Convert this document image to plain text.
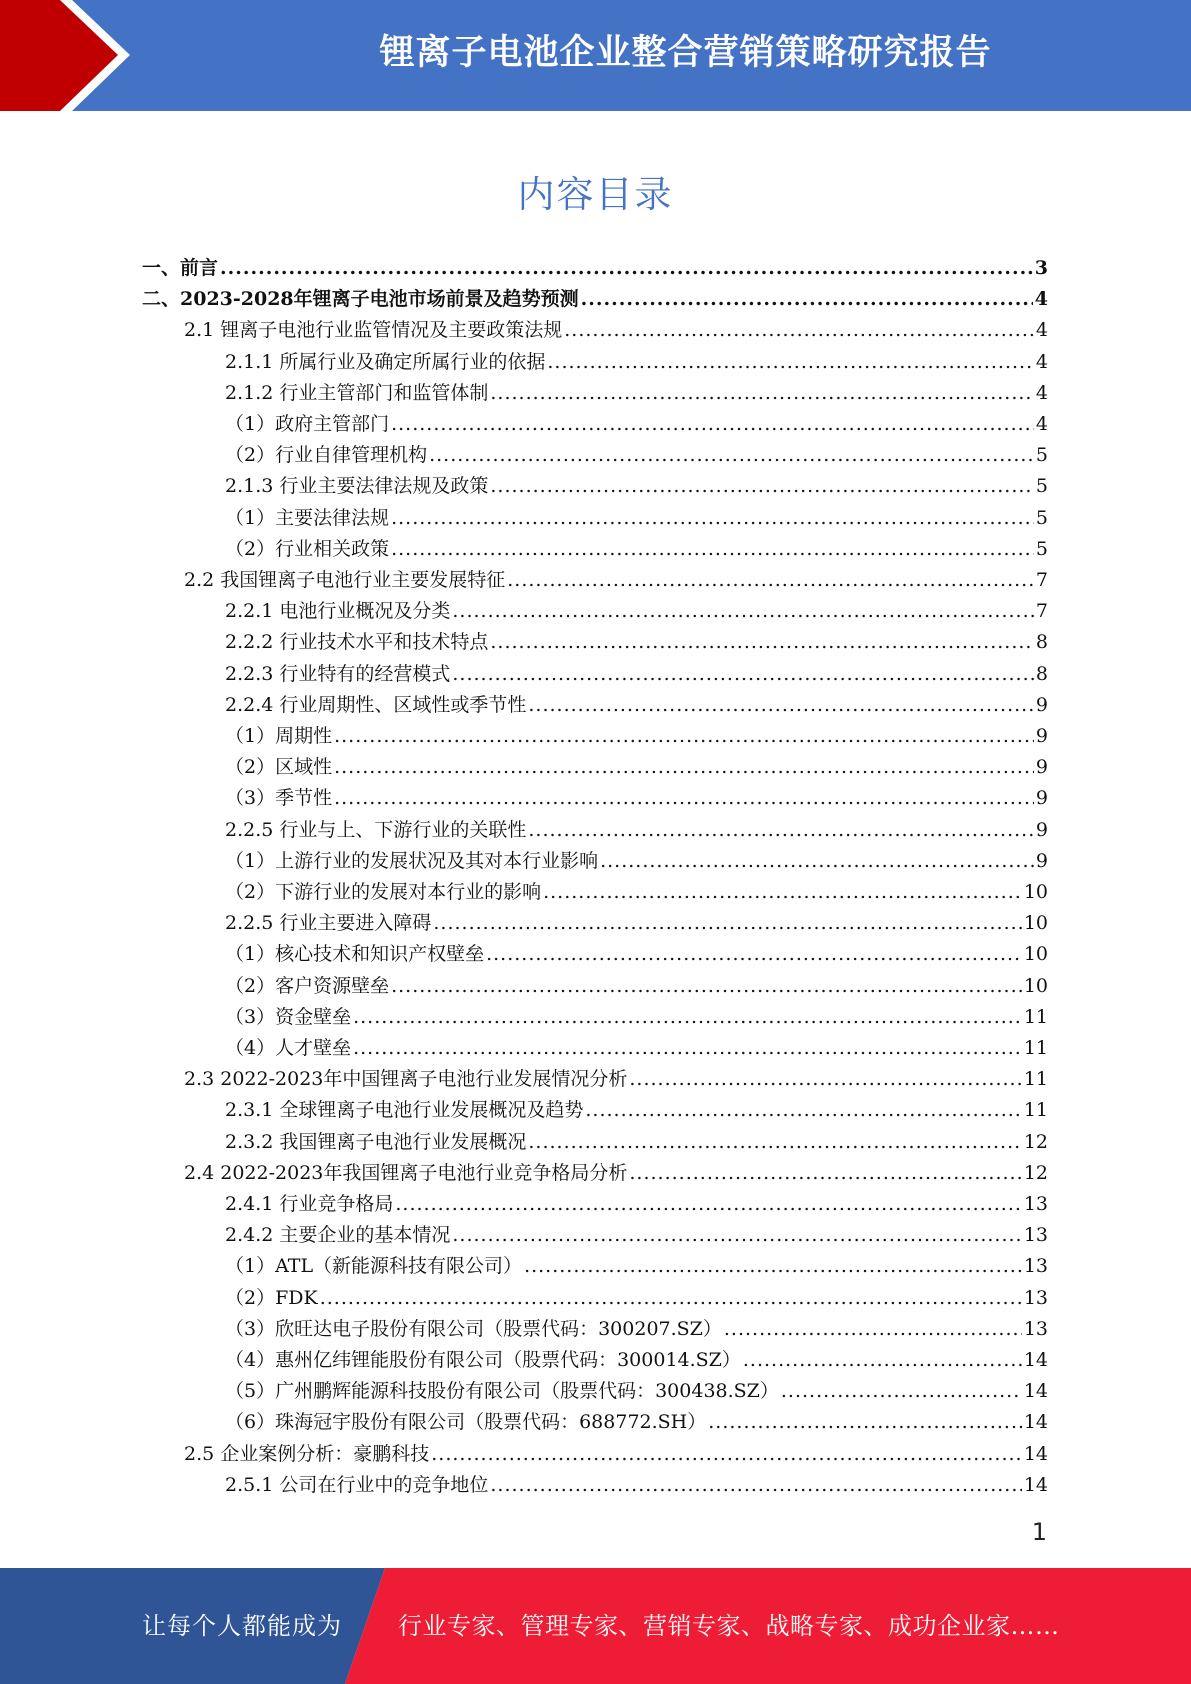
锂离子电池企业整合营销策略研究报告
内容目录
一、前言 .....	3
二、2023-2028年锂离子电池市场前景及趋势预测 .....	4
2.1 锂离子电池行业监管情况及主要政策法规 .....	4
2.1.1 所属行业及确定所属行业的依据 .....	4
2.1.2 行业主管部门和监管体制 .....	4
（1）政府主管部门 .....	4
（2）行业自律管理机构 .....	5
2.1.3 行业主要法律法规及政策 .....	5
（1）主要法律法规 .....	5
（2）行业相关政策 .....	5
2.2 我国锂离子电池行业主要发展特征 .....	7
2.2.1 电池行业概况及分类 .....	7
2.2.2 行业技术水平和技术特点 .....	8
2.2.3 行业特有的经营模式 .....	8
2.2.4 行业周期性、区域性或季节性 .....	9
（1）周期性 .....	9
（2）区域性 .....	9
（3）季节性 .....	9
2.2.5 行业与上、下游行业的关联性 .....	9
（1）上游行业的发展状况及其对本行业影响 .....	9
（2）下游行业的发展对本行业的影响 .....	10
2.2.5 行业主要进入障碍 .....	10
（1）核心技术和知识产权壁垒 .....	10
（2）客户资源壁垒 .....	10
（3）资金壁垒 .....	11
（4）人才壁垒 .....	11
2.3 2022-2023年中国锂离子电池行业发展情况分析 .....	11
2.3.1 全球锂离子电池行业发展概况及趋势 .....	11
2.3.2 我国锂离子电池行业发展概况 .....	12
2.4 2022-2023年我国锂离子电池行业竞争格局分析 .....	12
2.4.1 行业竞争格局 .....	13
2.4.2 主要企业的基本情况 .....	13
（1）ATL（新能源科技有限公司） .....	13
（2）FDK .....	13
（3）欣旺达电子股份有限公司（股票代码：300207.SZ） .....	13
（4）惠州亿纬锂能股份有限公司（股票代码：300014.SZ） .....	14
（5）广州鹏辉能源科技股份有限公司（股票代码：300438.SZ） .....	14
（6）珠海冠宇股份有限公司（股票代码：688772.SH） .....	14
2.5 企业案例分析：豪鹏科技 .....	14
2.5.1 公司在行业中的竞争地位 .....	14
1
让每个人都能成为 行业专家、管理专家、营销专家、战略专家、成功企业家……
